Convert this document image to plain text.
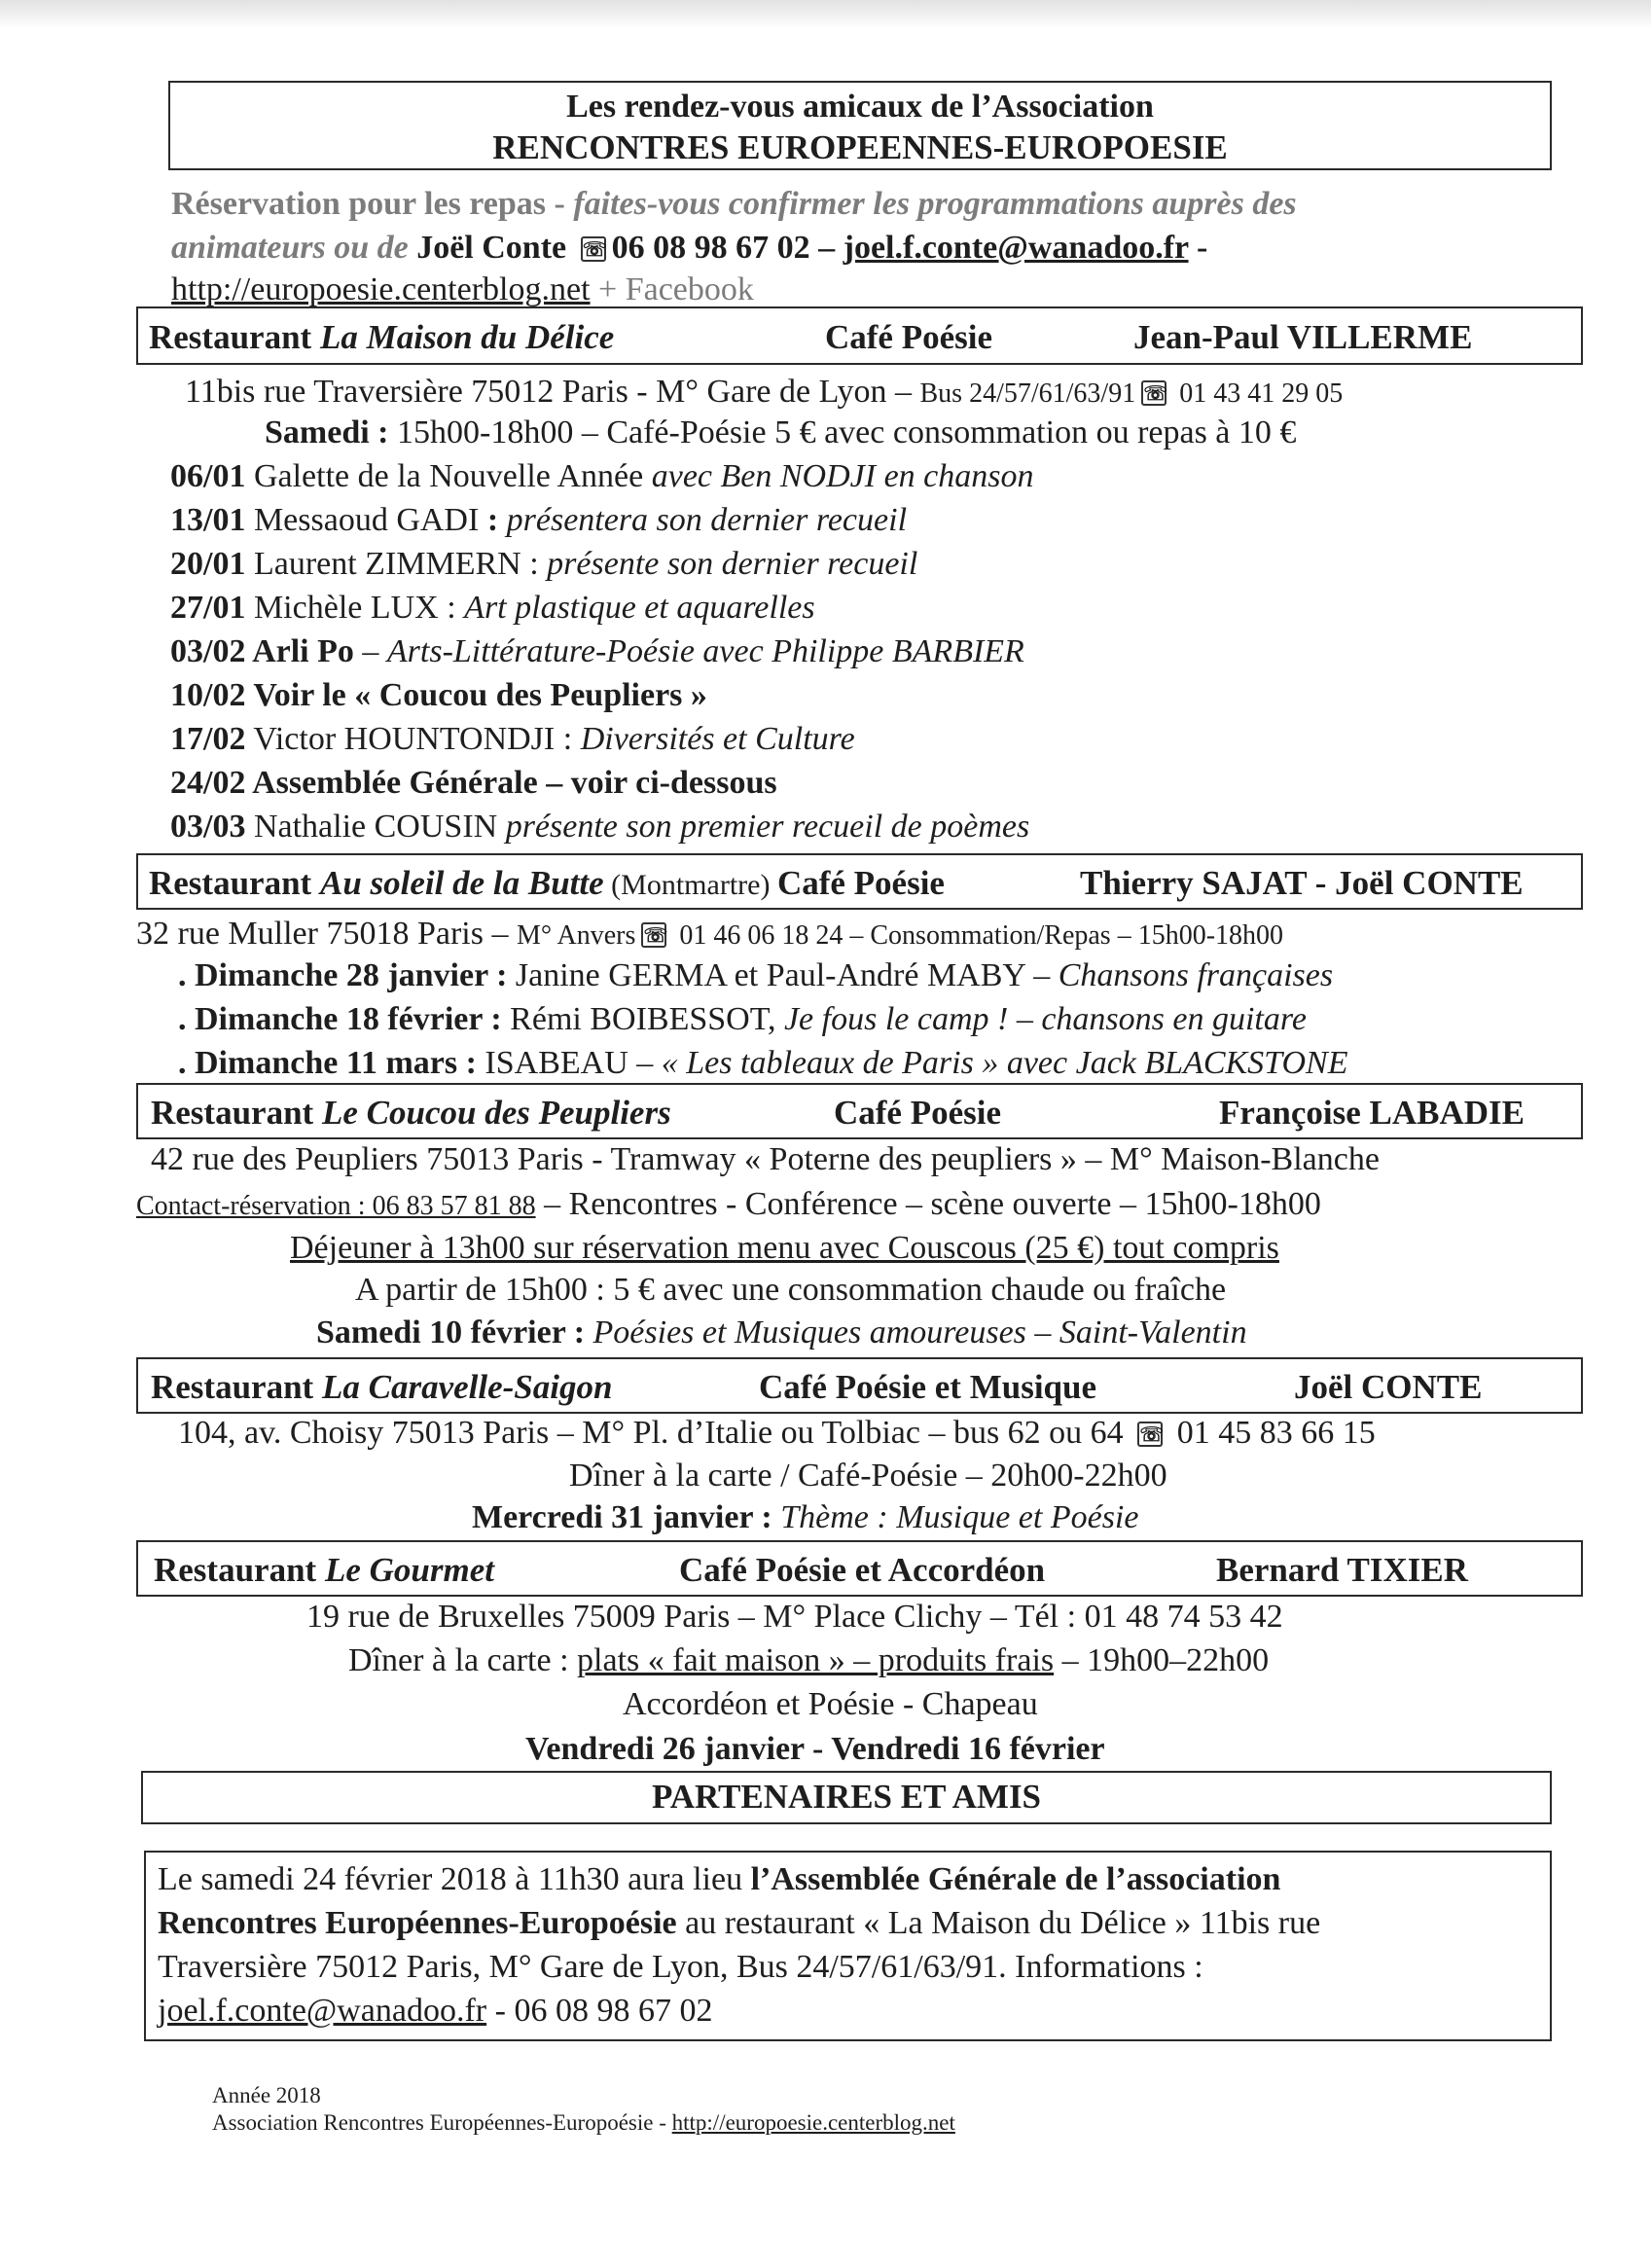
Les rendez-vous amicaux de l’Association
RENCONTRES EUROPEENNES-EUROPOESIE
Réservation pour les repas - faites-vous confirmer les programmations auprès des
animateurs ou de Joël Conte ☏ 06 08 98 67 02 – joel.f.conte@wanadoo.fr -
http://europoesie.centerblog.net + Facebook
Restaurant La Maison du Délice	Café Poésie	Jean-Paul VILLERME
11bis rue Traversière 75012 Paris - M° Gare de Lyon – Bus 24/57/61/63/91 ☏ 01 43 41 29 05
Samedi : 15h00-18h00 – Café-Poésie 5 € avec consommation ou repas à 10 €
06/01 Galette de la Nouvelle Année avec Ben NODJI en chanson
13/01 Messaoud GADI : présentera son dernier recueil
20/01 Laurent ZIMMERN : présente son dernier recueil
27/01 Michèle LUX : Art plastique et aquarelles
03/02 Arli Po – Arts-Littérature-Poésie avec Philippe BARBIER
10/02 Voir le « Coucou des Peupliers »
17/02 Victor HOUNTONDJI : Diversités et Culture
24/02 Assemblée Générale – voir ci-dessous
03/03 Nathalie COUSIN présente son premier recueil de poèmes
Restaurant Au soleil de la Butte (Montmartre) Café Poésie	Thierry SAJAT - Joël CONTE
32 rue Muller 75018 Paris – M° Anvers ☏ 01 46 06 18 24 – Consommation/Repas – 15h00-18h00
. Dimanche 28 janvier : Janine GERMA et Paul-André MABY – Chansons françaises
. Dimanche 18 février : Rémi BOIBESSOT, Je fous le camp ! – chansons en guitare
. Dimanche 11 mars : ISABEAU – « Les tableaux de Paris » avec Jack BLACKSTONE
Restaurant Le Coucou des Peupliers	Café Poésie	Françoise LABADIE
42 rue des Peupliers 75013 Paris - Tramway « Poterne des peupliers » – M° Maison-Blanche
Contact-réservation : 06 83 57 81 88 – Rencontres - Conférence – scène ouverte – 15h00-18h00
Déjeuner à 13h00 sur réservation menu avec Couscous (25 €) tout compris
A partir de 15h00 : 5 € avec une consommation chaude ou fraîche
Samedi 10 février : Poésies et Musiques amoureuses – Saint-Valentin
Restaurant La Caravelle-Saigon	Café Poésie et Musique	Joël CONTE
104, av. Choisy 75013 Paris – M° Pl. d’Italie ou Tolbiac – bus 62 ou 64 ☏ 01 45 83 66 15
Dîner à la carte / Café-Poésie – 20h00-22h00
Mercredi 31 janvier : Thème : Musique et Poésie
Restaurant Le Gourmet	Café Poésie et Accordéon	Bernard TIXIER
19 rue de Bruxelles 75009 Paris – M° Place Clichy – Tél : 01 48 74 53 42
Dîner à la carte : plats « fait maison » – produits frais – 19h00–22h00
Accordéon et Poésie - Chapeau
Vendredi 26 janvier - Vendredi 16 février
PARTENAIRES ET AMIS
Le samedi 24 février 2018 à 11h30 aura lieu l’Assemblée Générale de l’association
Rencontres Européennes-Europoésie au restaurant « La Maison du Délice » 11bis rue
Traversière 75012 Paris, M° Gare de Lyon, Bus 24/57/61/63/91. Informations :
joel.f.conte@wanadoo.fr - 06 08 98 67 02
Année 2018
Association Rencontres Européennes-Europoésie - http://europoesie.centerblog.net
